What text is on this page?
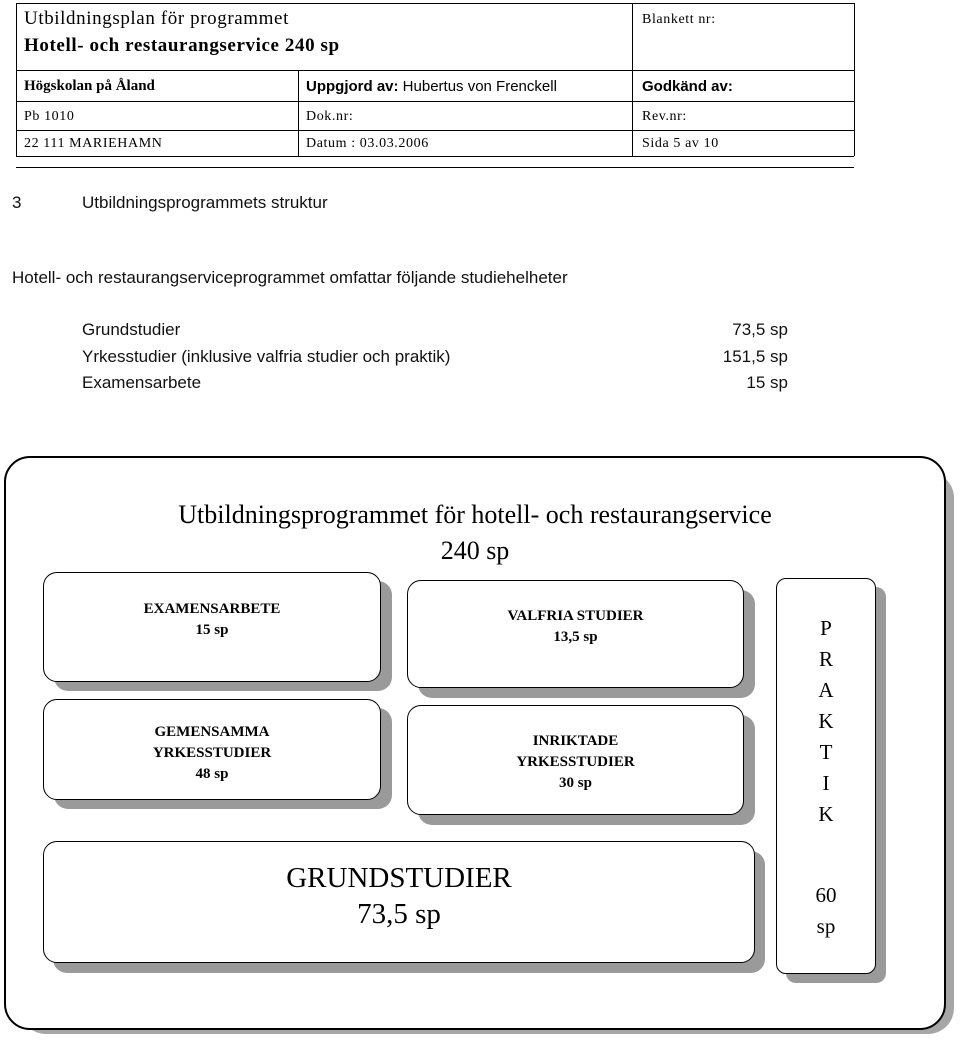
Utbildningsplan för programmet
Hotell- och restaurangservice 240 sp
Blankett nr:
Högskolan på Åland	Uppgjord av: Hubertus von Frenckell	Godkänd av:
Pb 1010	Dok.nr:	Rev.nr:
22 111 MARIEHAMN	Datum : 03.03.2006	Sida 5 av 10
3	Utbildningsprogrammets struktur
Hotell- och restaurangserviceprogrammet omfattar följande studiehelheter
Grundstudier	73,5 sp
Yrkesstudier (inklusive valfria studier och praktik)	151,5 sp
Examensarbete	15 sp
Utbildningsprogrammet för hotell- och restaurangservice
240 sp
EXAMENSARBETE
15 sp
GEMENSAMMA
YRKESSTUDIER
48 sp
VALFRIA STUDIER
13,5 sp
INRIKTADE
YRKESSTUDIER
30 sp
P
R
A
K
T
I
K
60
sp
GRUNDSTUDIER
73,5 sp
